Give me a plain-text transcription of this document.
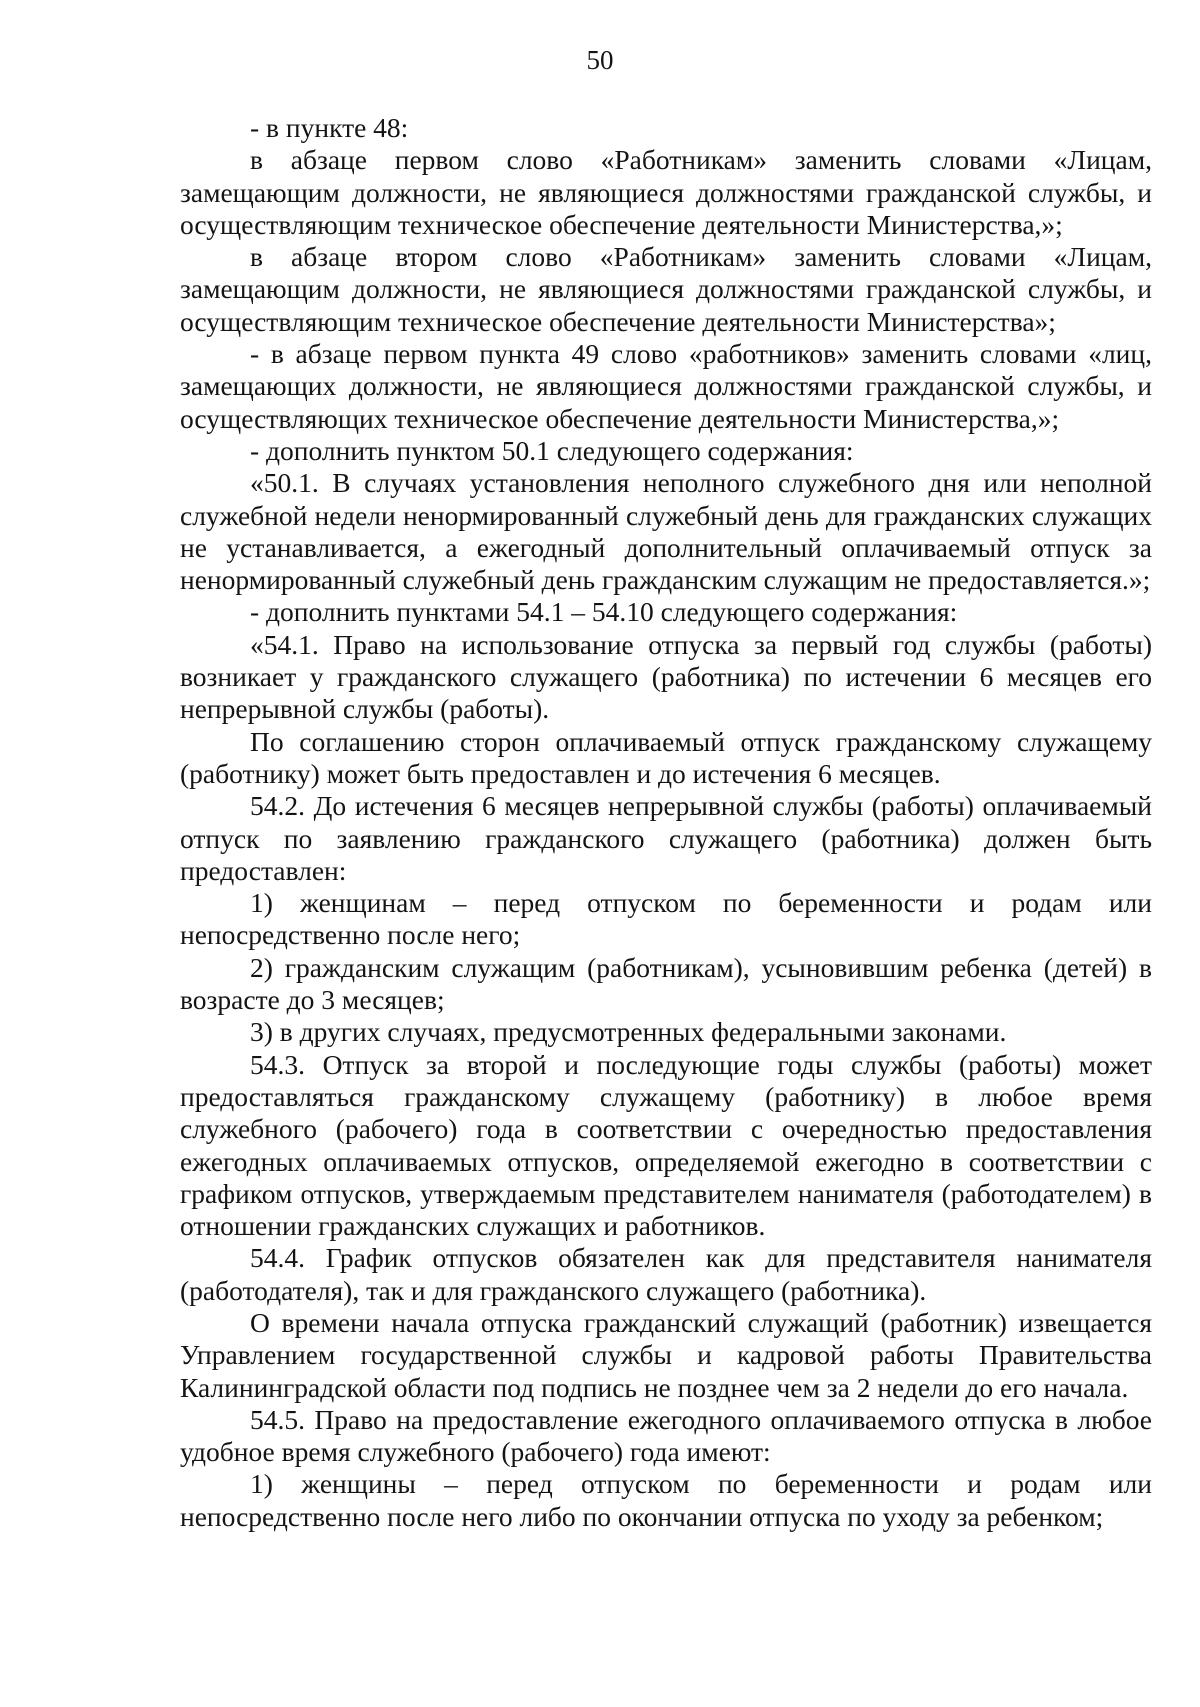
50

- в пункте 48:

в абзаце первом слово «Работникам» заменить словами «Лицам, замещающим должности, не являющиеся должностями гражданской службы, и осуществляющим техническое обеспечение деятельности Министерства,»;

в абзаце втором слово «Работникам» заменить словами «Лицам, замещающим должности, не являющиеся должностями гражданской службы, и осуществляющим техническое обеспечение деятельности Министерства»;

- в абзаце первом пункта 49 слово «работников» заменить словами «лиц, замещающих должности, не являющиеся должностями гражданской службы, и осуществляющих техническое обеспечение деятельности Министерства,»;

- дополнить пунктом 50.1 следующего содержания:

«50.1. В случаях установления неполного служебного дня или неполной служебной недели ненормированный служебный день для гражданских служащих не устанавливается, а ежегодный дополнительный оплачиваемый отпуск за ненормированный служебный день гражданским служащим не предоставляется.»;

- дополнить пунктами 54.1 – 54.10 следующего содержания:

«54.1. Право на использование отпуска за первый год службы (работы) возникает у гражданского служащего (работника) по истечении 6 месяцев его непрерывной службы (работы).

По соглашению сторон оплачиваемый отпуск гражданскому служащему (работнику) может быть предоставлен и до истечения 6 месяцев.

54.2. До истечения 6 месяцев непрерывной службы (работы) оплачиваемый отпуск по заявлению гражданского служащего (работника) должен быть предоставлен:

1) женщинам – перед отпуском по беременности и родам или непосредственно после него;

2) гражданским служащим (работникам), усыновившим ребенка (детей) в возрасте до 3 месяцев;

3) в других случаях, предусмотренных федеральными законами.

54.3. Отпуск за второй и последующие годы службы (работы) может предоставляться гражданскому служащему (работнику) в любое время служебного (рабочего) года в соответствии с очередностью предоставления ежегодных оплачиваемых отпусков, определяемой ежегодно в соответствии с графиком отпусков, утверждаемым представителем нанимателя (работодателем) в отношении гражданских служащих и работников.

54.4. График отпусков обязателен как для представителя нанимателя (работодателя), так и для гражданского служащего (работника).

О времени начала отпуска гражданский служащий (работник) извещается Управлением государственной службы и кадровой работы Правительства Калининградской области под подпись не позднее чем за 2 недели до его начала.

54.5. Право на предоставление ежегодного оплачиваемого отпуска в любое удобное время служебного (рабочего) года имеют:

1) женщины – перед отпуском по беременности и родам или непосредственно после него либо по окончании отпуска по уходу за ребенком;
